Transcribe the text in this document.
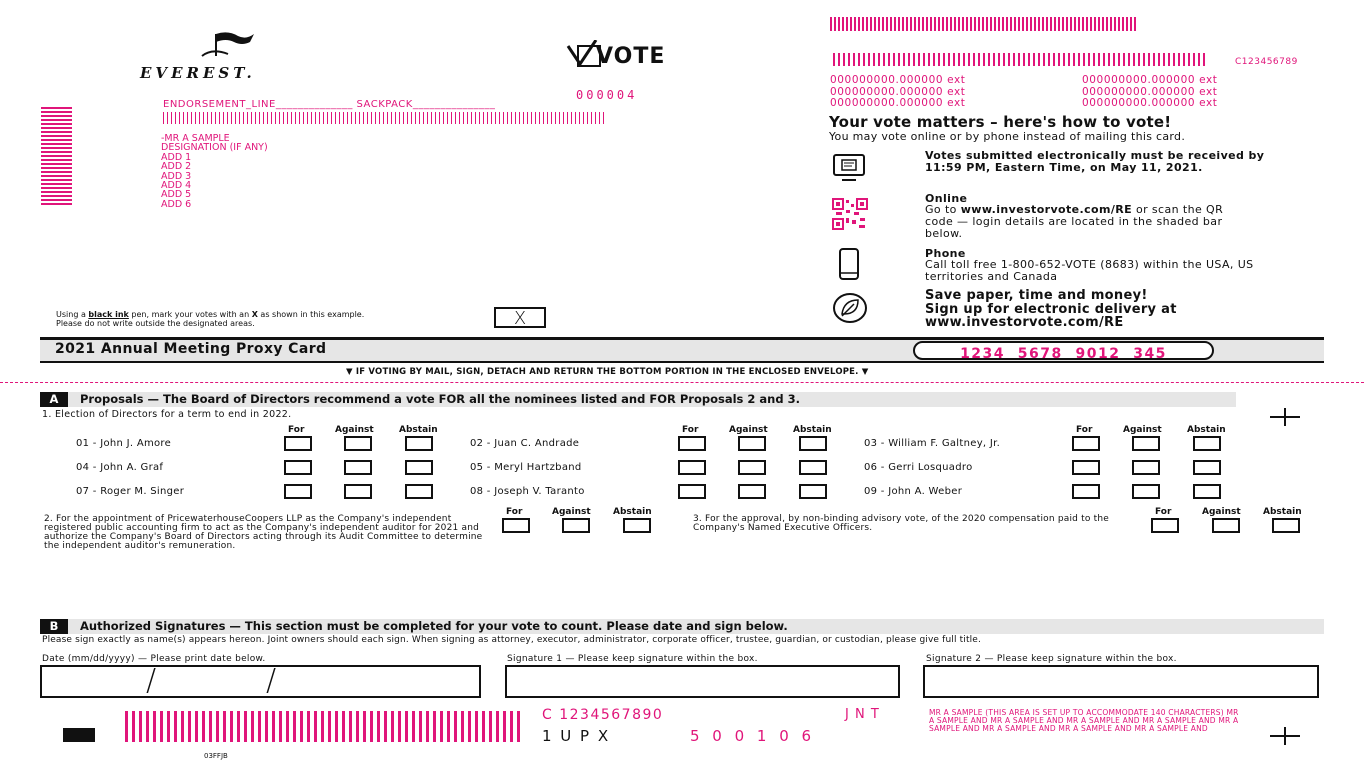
EVEREST.
VOTE
000004
ENDORSEMENT_LINE______________ SACKPACK_______________
-MR A SAMPLE
DESIGNATION (IF ANY)
ADD 1
ADD 2
ADD 3
ADD 4
ADD 5
ADD 6
C123456789
000000000.000000 ext
000000000.000000 ext
000000000.000000 ext
000000000.000000 ext
000000000.000000 ext
000000000.000000 ext
Your vote matters – here's how to vote!
You may vote online or by phone instead of mailing this card.
Votes submitted electronically must be received by 11:59 PM, Eastern Time, on May 11, 2021.
Online
Go to www.investorvote.com/RE or scan the QR code — login details are located in the shaded bar below.
Phone
Call toll free 1-800-652-VOTE (8683) within the USA, US territories and Canada
Save paper, time and money!
Sign up for electronic delivery at
www.investorvote.com/RE
Using a black ink pen, mark your votes with an X as shown in this example.
Please do not write outside the designated areas.	X
2021 Annual Meeting Proxy Card	1234  5678  9012  345
▼ IF VOTING BY MAIL, SIGN, DETACH AND RETURN THE BOTTOM PORTION IN THE ENCLOSED ENVELOPE. ▼
A Proposals — The Board of Directors recommend a vote FOR all the nominees listed and FOR Proposals 2 and 3.
1. Election of Directors for a term to end in 2022.
For	Against	Abstain	For	Against	Abstain	For	Against	Abstain
01 - John J. Amore	02 - Juan C. Andrade	03 - William F. Galtney, Jr.
04 - John A. Graf	05 - Meryl Hartzband	06 - Gerri Losquadro
07 - Roger M. Singer	08 - Joseph V. Taranto	09 - John A. Weber
2. For the appointment of PricewaterhouseCoopers LLP as the Company's independent registered public accounting firm to act as the Company's independent auditor for 2021 and authorize the Company's Board of Directors acting through its Audit Committee to determine the independent auditor's remuneration.
For	Against Abstain
3. For the approval, by non-binding advisory vote, of the 2020 compensation paid to the Company's Named Executive Officers.
For	Against Abstain
B Authorized Signatures — This section must be completed for your vote to count. Please date and sign below.
Please sign exactly as name(s) appears hereon. Joint owners should each sign. When signing as attorney, executor, administrator, corporate officer, trustee, guardian, or custodian, please give full title.
Date (mm/dd/yyyy) — Please print date below.	Signature 1 — Please keep signature within the box.	Signature 2 — Please keep signature within the box.
/	/
03FFJB
C 1234567890	J N T
1 U P X	5 0 0 1 0 6
MR A SAMPLE (THIS AREA IS SET UP TO ACCOMMODATE 140 CHARACTERS) MR A SAMPLE AND MR A SAMPLE AND MR A SAMPLE AND MR A SAMPLE AND MR A SAMPLE AND MR A SAMPLE AND MR A SAMPLE AND MR A SAMPLE AND
